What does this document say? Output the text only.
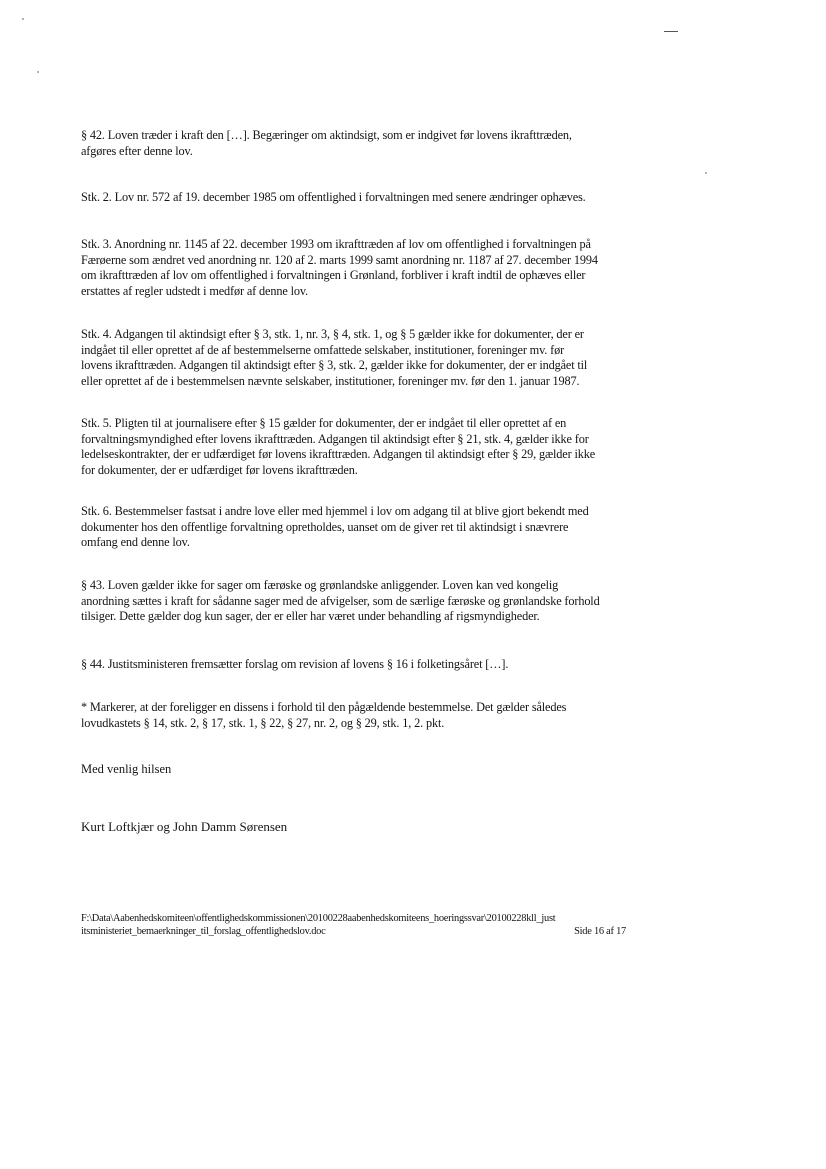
§ 42. Loven træder i kraft den […]. Begæringer om aktindsigt, som er indgivet før lovens ikrafttræden,
afgøres efter denne lov.
Stk. 2. Lov nr. 572 af 19. december 1985 om offentlighed i forvaltningen med senere ændringer ophæves.
Stk. 3. Anordning nr. 1145 af 22. december 1993 om ikrafttræden af lov om offentlighed i forvaltningen på
Færøerne som ændret ved anordning nr. 120 af 2. marts 1999 samt anordning nr. 1187 af 27. december 1994
om ikrafttræden af lov om offentlighed i forvaltningen i Grønland, forbliver i kraft indtil de ophæves eller
erstattes af regler udstedt i medfør af denne lov.
Stk. 4. Adgangen til aktindsigt efter § 3, stk. 1, nr. 3, § 4, stk. 1, og § 5 gælder ikke for dokumenter, der er
indgået til eller oprettet af de af bestemmelserne omfattede selskaber, institutioner, foreninger mv. før
lovens ikrafttræden. Adgangen til aktindsigt efter § 3, stk. 2, gælder ikke for dokumenter, der er indgået til
eller oprettet af de i bestemmelsen nævnte selskaber, institutioner, foreninger mv. før den 1. januar 1987.
Stk. 5. Pligten til at journalisere efter § 15 gælder for dokumenter, der er indgået til eller oprettet af en
forvaltningsmyndighed efter lovens ikrafttræden. Adgangen til aktindsigt efter § 21, stk. 4, gælder ikke for
ledelseskontrakter, der er udfærdiget før lovens ikrafttræden. Adgangen til aktindsigt efter § 29, gælder ikke
for dokumenter, der er udfærdiget før lovens ikrafttræden.
Stk. 6. Bestemmelser fastsat i andre love eller med hjemmel i lov om adgang til at blive gjort bekendt med
dokumenter hos den offentlige forvaltning opretholdes, uanset om de giver ret til aktindsigt i snævrere
omfang end denne lov.
§ 43. Loven gælder ikke for sager om færøske og grønlandske anliggender. Loven kan ved kongelig
anordning sættes i kraft for sådanne sager med de afvigelser, som de særlige færøske og grønlandske forhold
tilsiger. Dette gælder dog kun sager, der er eller har været under behandling af rigsmyndigheder.
§ 44. Justitsministeren fremsætter forslag om revision af lovens § 16 i folketingsåret […].
* Markerer, at der foreligger en dissens i forhold til den pågældende bestemmelse. Det gælder således
lovudkastets § 14, stk. 2, § 17, stk. 1, § 22, § 27, nr. 2, og § 29, stk. 1, 2. pkt.
Med venlig hilsen
Kurt Loftkjær og John Damm Sørensen
F:\Data\Aabenhedskomiteen\offentlighedskommissionen\20100228aabenhedskomiteens_hoeringssvar\20100228kll_just
itsministeriet_bemaerkninger_til_forslag_offentlighedslov.doc	Side 16 af 17
